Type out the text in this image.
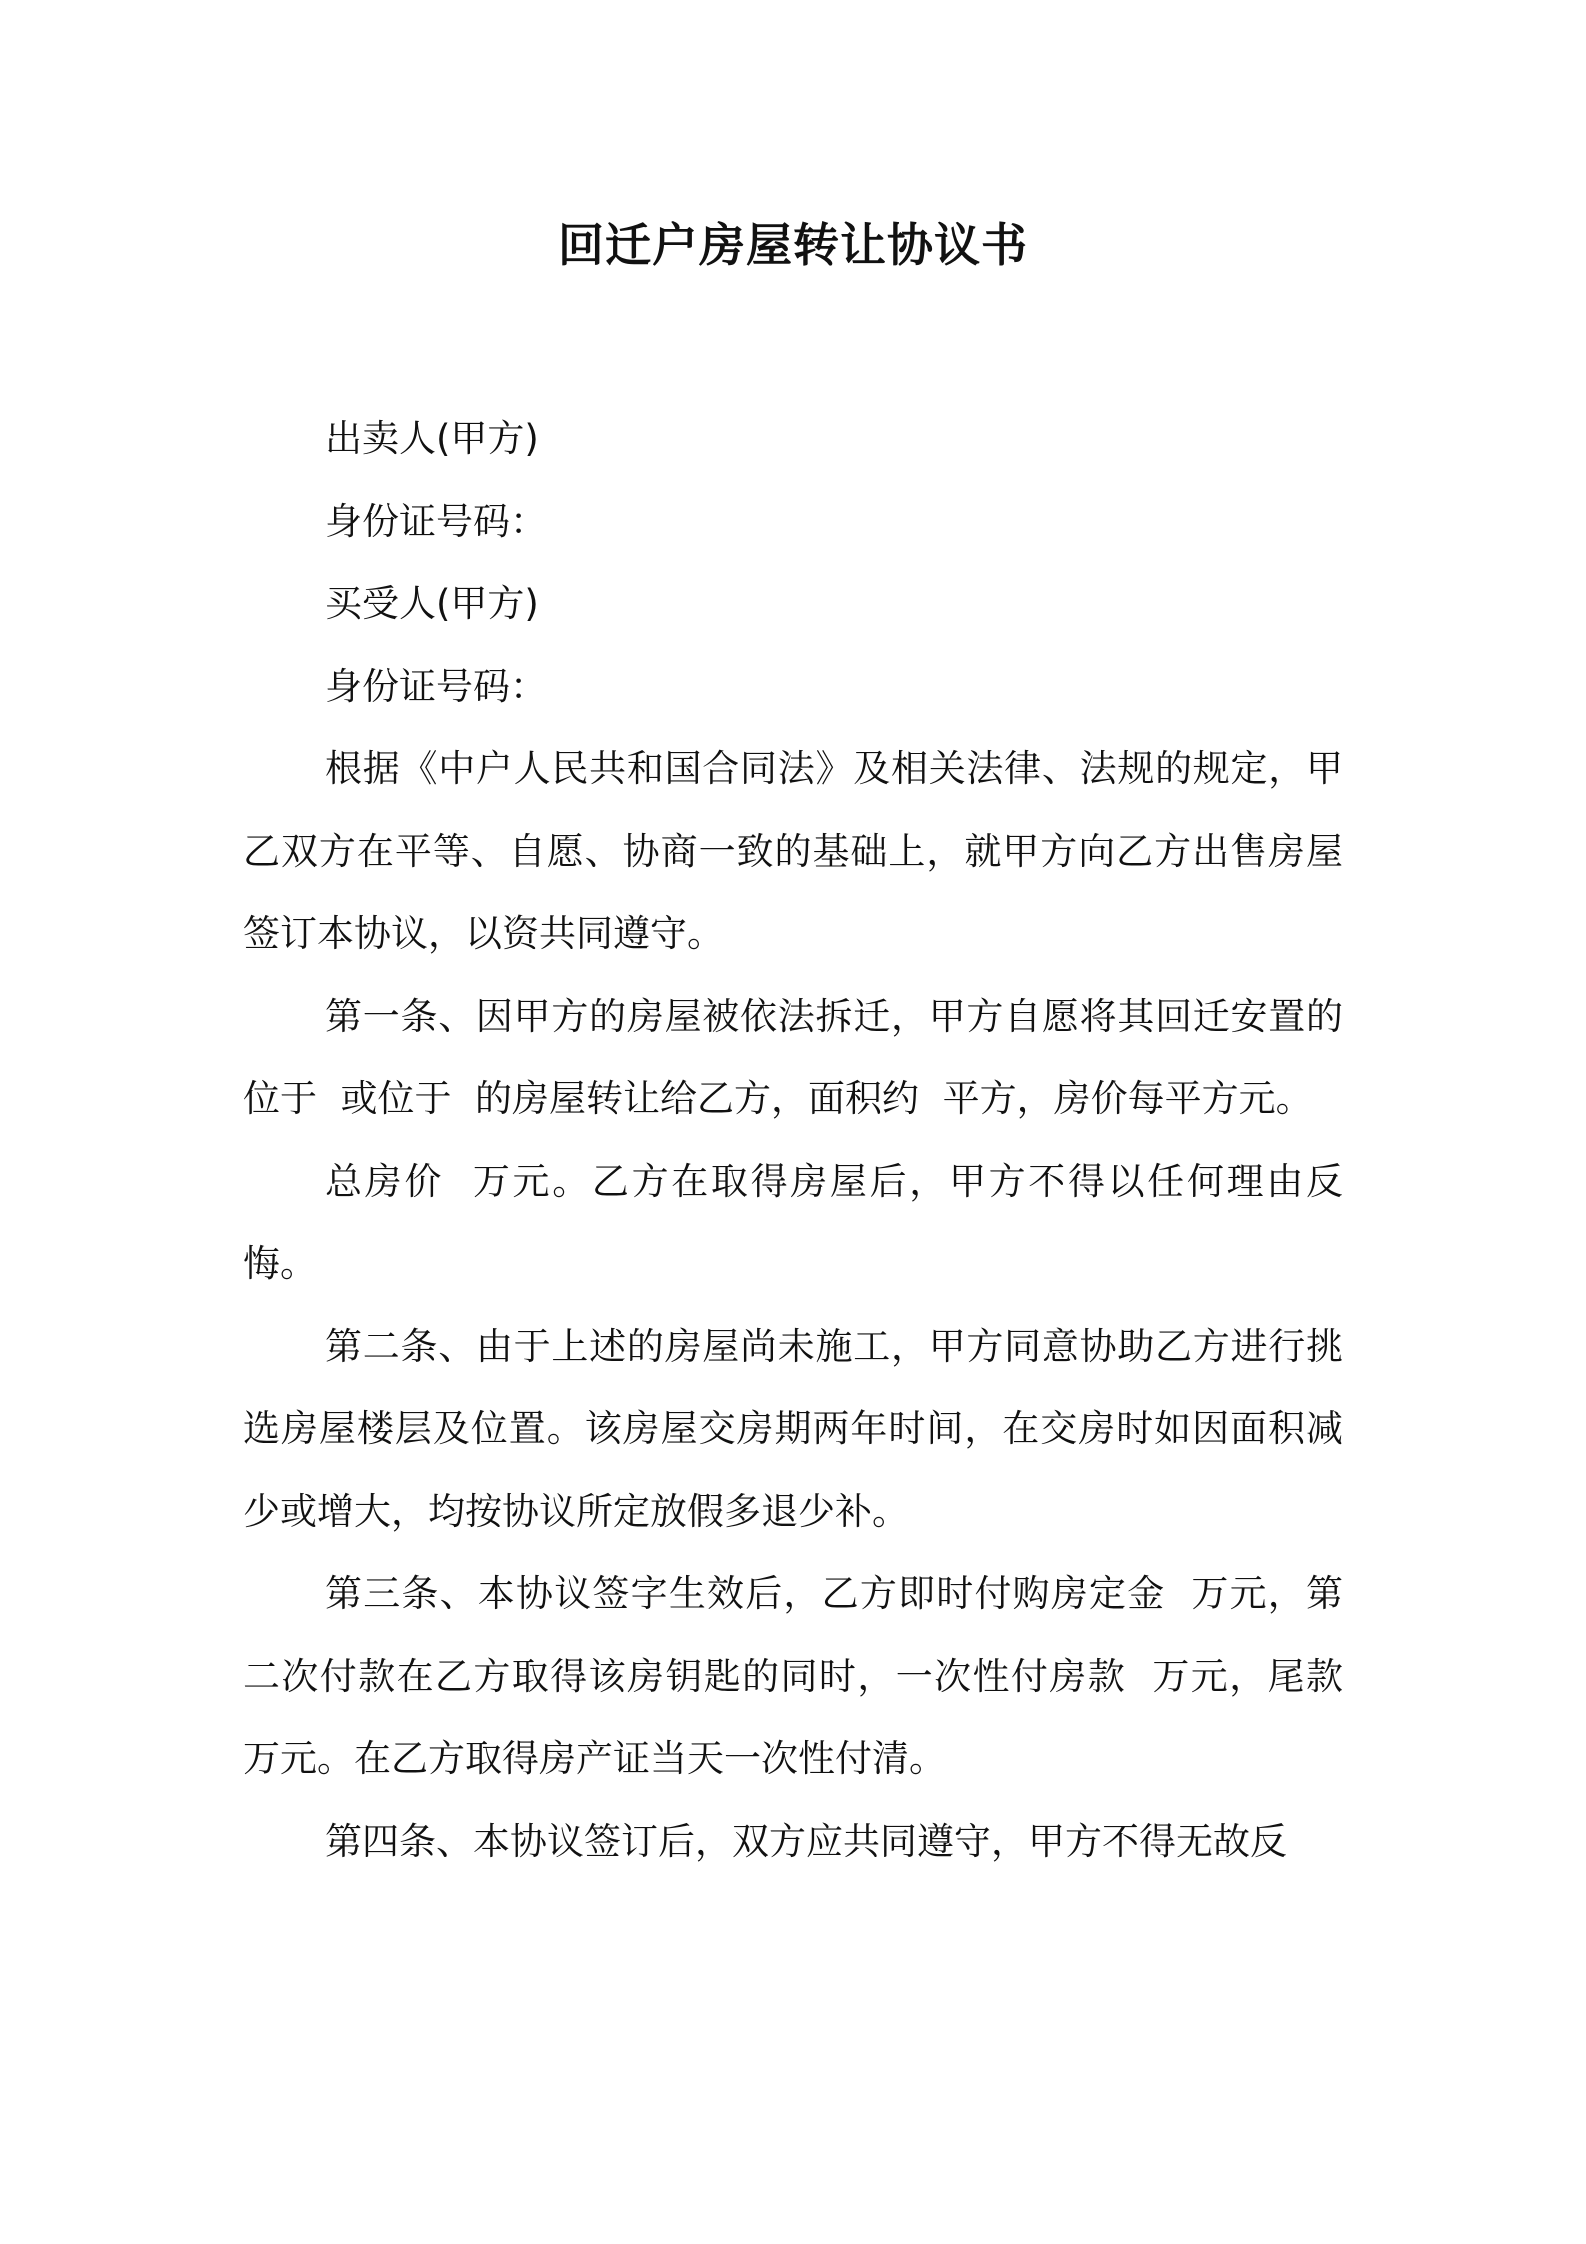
回迁户房屋转让协议书

出卖人(甲方)

身份证号码：

买受人(甲方)

身份证号码：

根据《中户人民共和国合同法》及相关法律、法规的规定，甲乙双方在平等、自愿、协商一致的基础上，就甲方向乙方出售房屋签订本协议，以资共同遵守。

第一条、因甲方的房屋被依法拆迁，甲方自愿将其回迁安置的位于  或位于  的房屋转让给乙方，面积约  平方，房价每平方元。

总房价  万元。乙方在取得房屋后，甲方不得以任何理由反悔。

第二条、由于上述的房屋尚未施工，甲方同意协助乙方进行挑选房屋楼层及位置。该房屋交房期两年时间，在交房时如因面积减少或增大，均按协议所定放假多退少补。

第三条、本协议签字生效后，乙方即时付购房定金  万元，第二次付款在乙方取得该房钥匙的同时，一次性付房款  万元，尾款  万元。在乙方取得房产证当天一次性付清。

第四条、本协议签订后，双方应共同遵守，甲方不得无故反
